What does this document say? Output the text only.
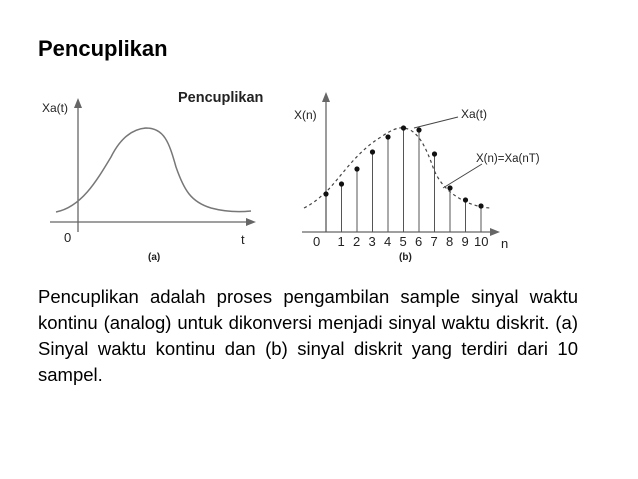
Pencuplikan
Pencuplikan
Xa(t)
0	t
(a)
1 2 3 4 5 6 7 8 9 10
X(n)
0	n
(b)
Xa(t)
X(n)=Xa(nT)
Pencuplikan adalah proses pengambilan sample sinyal waktu kontinu (analog) untuk dikonversi menjadi sinyal waktu diskrit. (a) Sinyal waktu kontinu dan (b) sinyal diskrit yang terdiri dari 10 sampel.
